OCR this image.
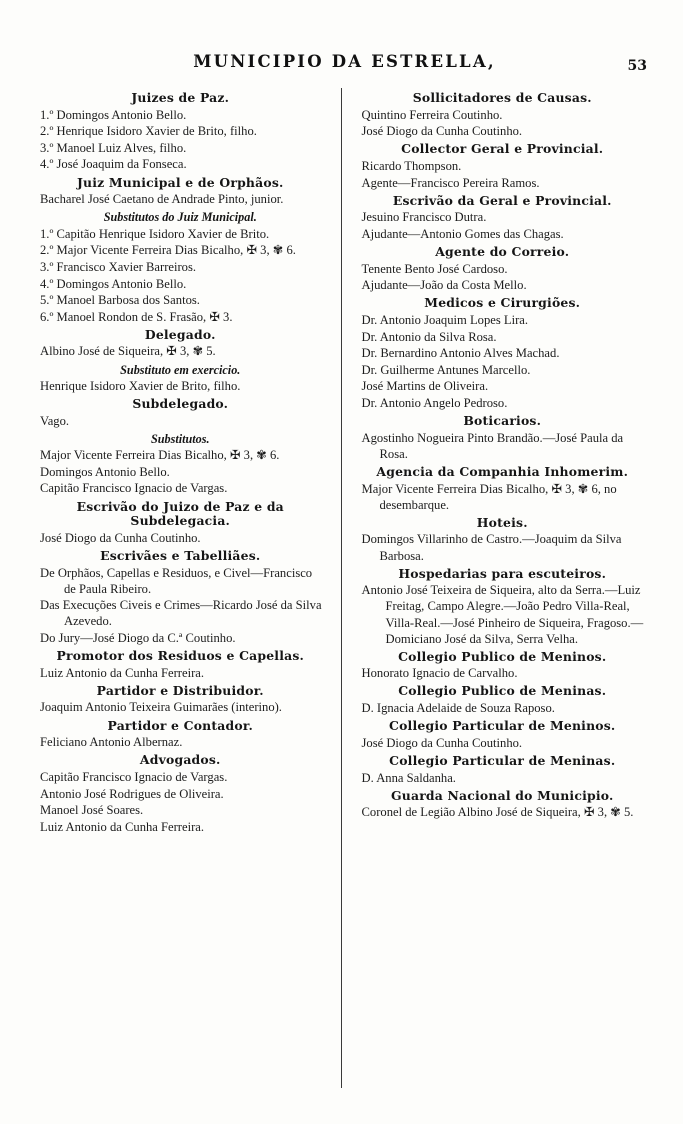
MUNICIPIO DA ESTRELLA,	53
Juizes de Paz.

1.º Domingos Antonio Bello.

2.º Henrique Isidoro Xavier de Brito, filho.

3.º Manoel Luiz Alves, filho.

4.º José Joaquim da Fonseca.

Juiz Municipal e de Orphãos.

Bacharel José Caetano de Andrade Pinto, junior.

Substitutos do Juiz Municipal.

1.º Capitão Henrique Isidoro Xavier de Brito.

2.º Major Vicente Ferreira Dias Bicalho, ✠ 3, ✾ 6.

3.º Francisco Xavier Barreiros.

4.º Domingos Antonio Bello.

5.º Manoel Barbosa dos Santos.

6.º Manoel Rondon de S. Frasão, ✠ 3.

Delegado.

Albino José de Siqueira, ✠ 3, ✾ 5.

Substituto em exercicio.

Henrique Isidoro Xavier de Brito, filho.

Subdelegado.

Vago.

Substitutos.

Major Vicente Ferreira Dias Bicalho, ✠ 3, ✾ 6.

Domingos Antonio Bello.

Capitão Francisco Ignacio de Vargas.

Escrivão do Juizo de Paz e da Subdelegacia.

José Diogo da Cunha Coutinho.

Escrivães e Tabelliães.

De Orphãos, Capellas e Residuos, e Civel—Francisco de Paula Ribeiro.

Das Execuções Civeis e Crimes—Ricardo José da Silva Azevedo.

Do Jury—José Diogo da C.ª Coutinho.

Promotor dos Residuos e Capellas.

Luiz Antonio da Cunha Ferreira.

Partidor e Distribuidor.

Joaquim Antonio Teixeira Guimarães (interino).

Partidor e Contador.

Feliciano Antonio Albernaz.

Advogados.

Capitão Francisco Ignacio de Vargas.

Antonio José Rodrigues de Oliveira.

Manoel José Soares.

Luiz Antonio da Cunha Ferreira.

Sollicitadores de Causas.

Quintino Ferreira Coutinho.

José Diogo da Cunha Coutinho.

Collector Geral e Provincial.

Ricardo Thompson.

Agente—Francisco Pereira Ramos.

Escrivão da Geral e Provincial.

Jesuino Francisco Dutra.

Ajudante—Antonio Gomes das Chagas.

Agente do Correio.

Tenente Bento José Cardoso.

Ajudante—João da Costa Mello.

Medicos e Cirurgiões.

Dr. Antonio Joaquim Lopes Lira.

Dr. Antonio da Silva Rosa.

Dr. Bernardino Antonio Alves Machad.

Dr. Guilherme Antunes Marcello.

José Martins de Oliveira.

Dr. Antonio Angelo Pedroso.

Boticarios.

Agostinho Nogueira Pinto Brandão.—José Paula da Rosa.

Agencia da Companhia Inhomerim.

Major Vicente Ferreira Dias Bicalho, ✠ 3, ✾ 6, no desembarque.

Hoteis.

Domingos Villarinho de Castro.—Joaquim da Silva Barbosa.

Hospedarias para escuteiros.

Antonio José Teixeira de Siqueira, alto da Serra.—Luiz Freitag, Campo Alegre.—João Pedro Villa-Real, Villa-Real.—José Pinheiro de Siqueira, Fragoso.—Domiciano José da Silva, Serra Velha.

Collegio Publico de Meninos.

Honorato Ignacio de Carvalho.

Collegio Publico de Meninas.

D. Ignacia Adelaide de Souza Raposo.

Collegio Particular de Meninos.

José Diogo da Cunha Coutinho.

Collegio Particular de Meninas.

D. Anna Saldanha.

Guarda Nacional do Municipio.

Coronel de Legião Albino José de Siqueira, ✠ 3, ✾ 5.
